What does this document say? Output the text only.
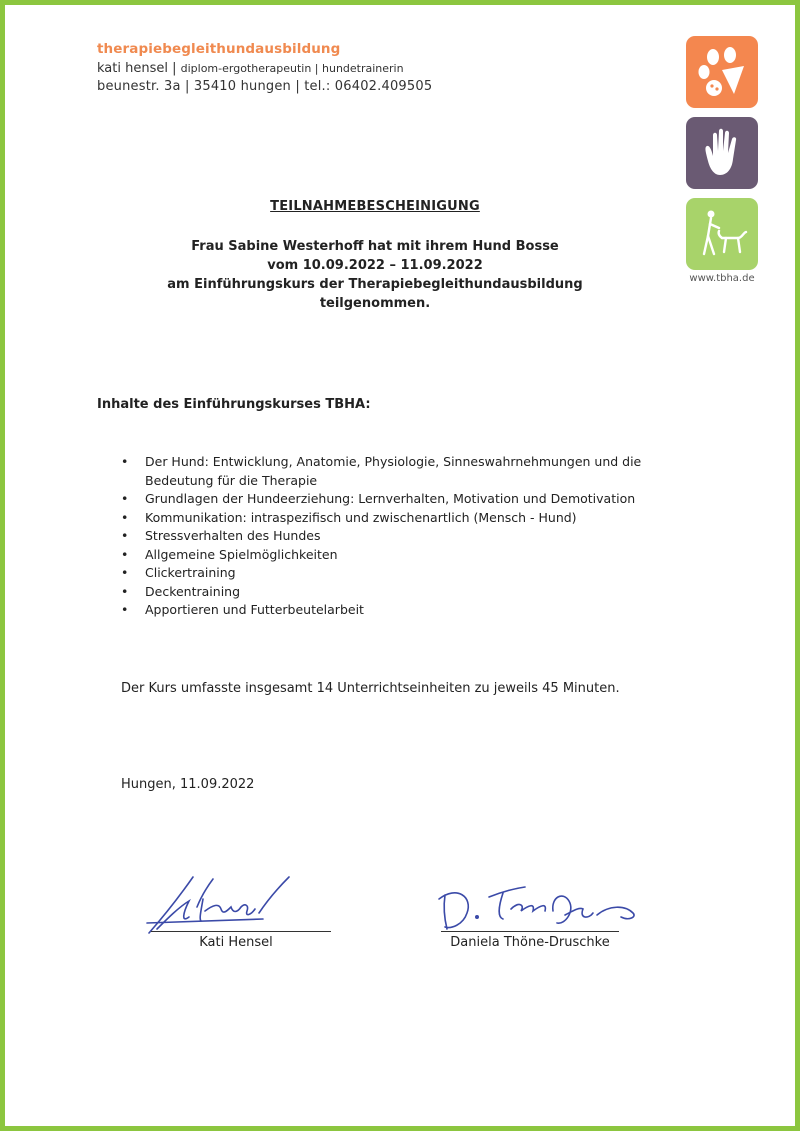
therapiebegleithundausbildung
kati hensel | diplom-ergotherapeutin | hundetrainerin
beunestr. 3a | 35410 hungen | tel.: 06402.409505
www.tbha.de
TEILNAHMEBESCHEINIGUNG
Frau Sabine Westerhoff hat mit ihrem Hund Bosse
vom 10.09.2022 – 11.09.2022
am Einführungskurs der Therapiebegleithundausbildung
teilgenommen.
Inhalte des Einführungskurses TBHA:
• Der Hund: Entwicklung, Anatomie, Physiologie, Sinneswahrnehmungen und die Bedeutung für die Therapie
• Grundlagen der Hundeerziehung: Lernverhalten, Motivation und Demotivation
• Kommunikation: intraspezifisch und zwischenartlich (Mensch - Hund)
• Stressverhalten des Hundes
• Allgemeine Spielmöglichkeiten
• Clickertraining
• Deckentraining
• Apportieren und Futterbeutelarbeit
Der Kurs umfasste insgesamt 14 Unterrichtseinheiten zu jeweils 45 Minuten.
Hungen, 11.09.2022
Kati Hensel	Daniela Thöne-Druschke
